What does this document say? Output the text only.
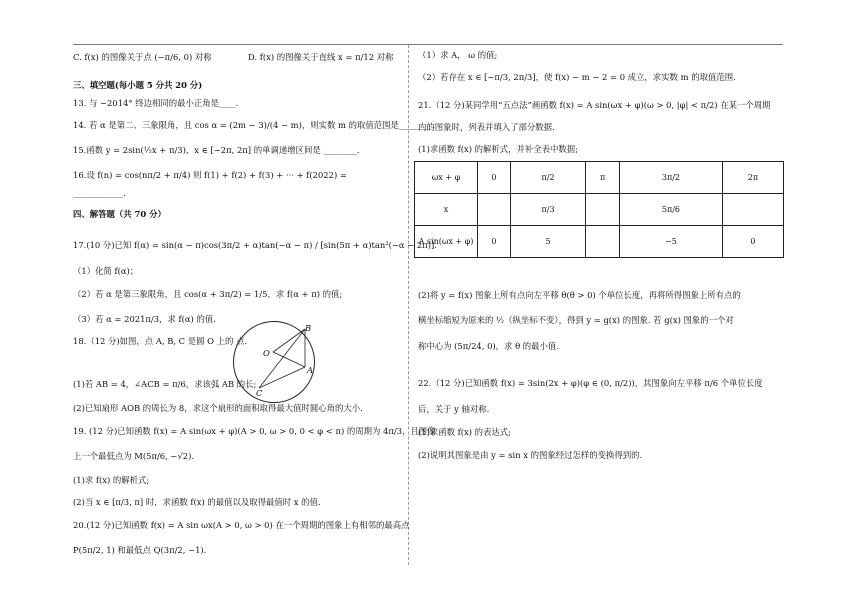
C. f(x) 的图像关于点 (−π/6, 0) 对称	D. f(x) 的图像关于直线 x = π/12 对称
三、填空题(每小题 5 分共 20 分)
13. 与 −2014° 终边相同的最小正角是____.
14. 若 α 是第二、三象限角，且 cos α = (2m − 3)/(4 − m)，则实数 m 的取值范围是________.
15.函数 y = 2sin(½x + π/3)，x ∈ [−2π, 2π] 的单调递增区间是 ________.
16.设 f(n) = cos(nπ/2 + π/4) 则 f(1) + f(2) + f(3) + ··· + f(2022) =
____________.
四、解答题（共 70 分）
17.(10 分)已知 f(α) = sin(α − π)cos(3π/2 + α)tan(−α − π) / [sin(5π + α)tan²(−α − 2π)].
（1）化简 f(α)；
（2）若 α 是第三象限角，且 cos(α + 3π/2) = 1/5，求 f(α + π) 的值;
（3）若 α = 2021π/3，求 f(α) 的值.
18.（12 分)如图，点 A, B, C 是圆 O 上的 点.
B
O
A
C
(1)若 AB = 4，∠ACB = π/6，求该弧 AB 的长;
(2)已知扇形 AOB 的周长为 8，求这个扇形的面积取得最大值时圆心角的大小.
19. (12 分)已知函数 f(x) = A sin(ωx + φ)(A > 0, ω > 0, 0 < φ < π) 的周期为 4π/3，且图像
上一个最低点为 M(5π/6, −√2).
(1)求 f(x) 的解析式;
(2)当 x ∈ [π/3, π] 时，求函数 f(x) 的最值以及取得最值时 x 的值.
20.(12 分)已知函数 f(x) = A sin ωx(A > 0, ω > 0) 在一个周期的图象上有相邻的最高点
P(5π/2, 1) 和最低点 Q(3π/2, −1).
（1）求 A， ω 的值;
（2）若存在 x ∈ [−π/3, 2π/3]，使 f(x) − m − 2 = 0 成立，求实数 m 的取值范围.
21.（12 分)某同学用“五点法”画函数 f(x) = A sin(ωx + φ)(ω > 0, |φ| < π/2) 在某一个周期
内的图象时，列表并填入了部分数据.
(1)求函数 f(x) 的解析式，并补全表中数据;
ωx + φ	0	π/2	π	3π/2	2π
x		π/3		5π/6	
A sin(ωx + φ)	0	5		−5	0
(2)将 y = f(x) 图象上所有点向左平移 θ(θ > 0) 个单位长度，再将所得图象上所有点的
横坐标缩短为原来的 ½（纵坐标不变），得到 y = g(x) 的图象. 若 g(x) 图象的一个对
称中心为 (5π/24, 0)，求 θ 的最小值.
22.（12 分)已知函数 f(x) = 3sin(2x + φ)(φ ∈ (0, π/2))，其图象向左平移 π/6 个单位长度
后，关于 y 轴对称.
(1)求函数 f(x) 的表达式;
(2)说明其图象是由 y = sin x 的图象经过怎样的变换得到的.
